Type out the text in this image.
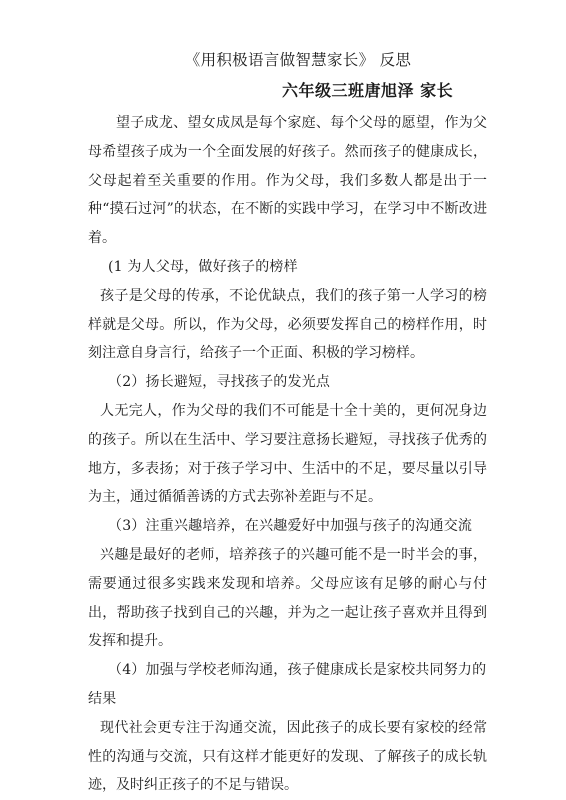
《用积极语言做智慧家长》 反思
六年级三班唐旭泽 家长

望子成龙、望女成凤是每个家庭、每个父母的愿望，作为父母希望孩子成为一个全面发展的好孩子。然而孩子的健康成长，父母起着至关重要的作用。作为父母，我们多数人都是出于一种“摸石过河”的状态，在不断的实践中学习，在学习中不断改进着。

(1 为人父母，做好孩子的榜样

孩子是父母的传承，不论优缺点，我们的孩子第一人学习的榜样就是父母。所以，作为父母，必须要发挥自己的榜样作用，时刻注意自身言行，给孩子一个正面、积极的学习榜样。

（2）扬长避短，寻找孩子的发光点

人无完人，作为父母的我们不可能是十全十美的，更何况身边的孩子。所以在生活中、学习要注意扬长避短，寻找孩子优秀的地方，多表扬；对于孩子学习中、生活中的不足，要尽量以引导为主，通过循循善诱的方式去弥补差距与不足。

（3）注重兴趣培养，在兴趣爱好中加强与孩子的沟通交流

兴趣是最好的老师，培养孩子的兴趣可能不是一时半会的事，需要通过很多实践来发现和培养。父母应该有足够的耐心与付出，帮助孩子找到自己的兴趣，并为之一起让孩子喜欢并且得到发挥和提升。

（4）加强与学校老师沟通，孩子健康成长是家校共同努力的结果

现代社会更专注于沟通交流，因此孩子的成长要有家校的经常性的沟通与交流，只有这样才能更好的发现、了解孩子的成长轨迹，及时纠正孩子的不足与错误。
